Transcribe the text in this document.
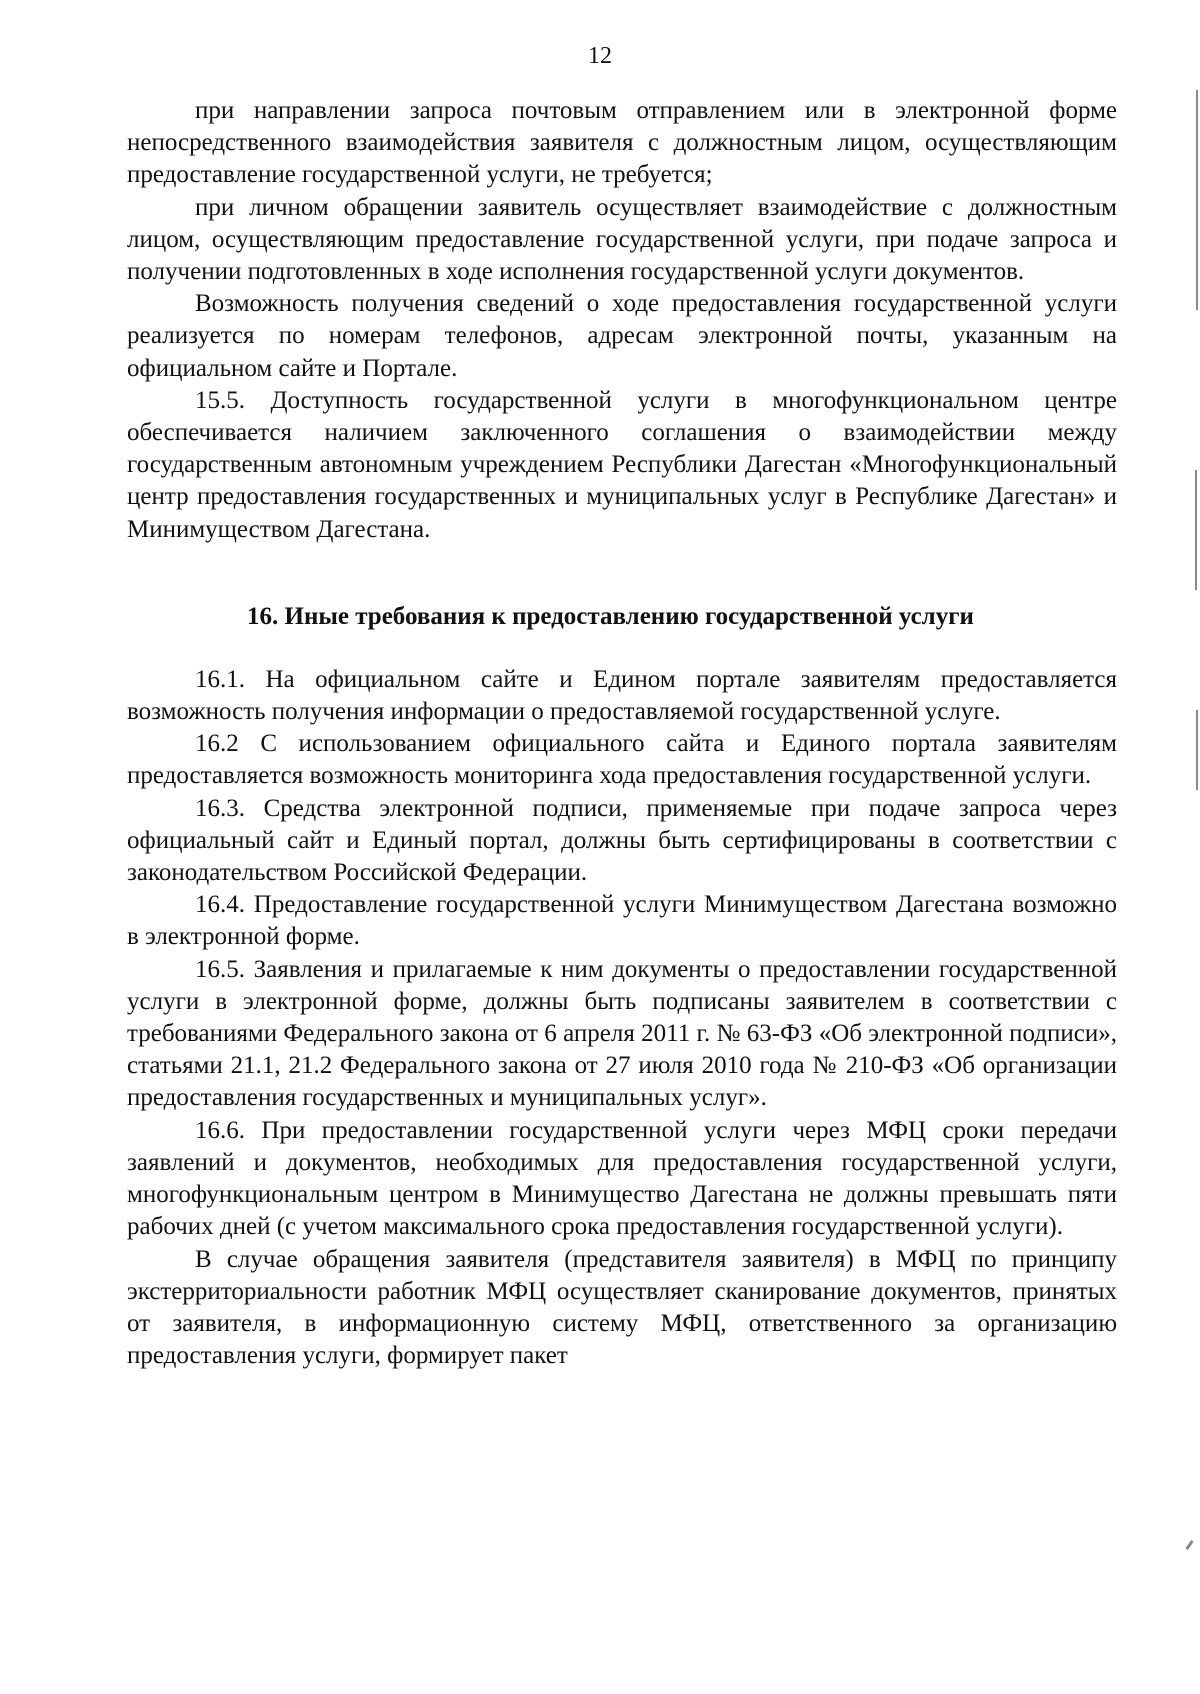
12

при направлении запроса почтовым отправлением или в электронной форме непосредственного взаимодействия заявителя с должностным лицом, осуществляющим предоставление государственной услуги, не требуется;

при личном обращении заявитель осуществляет взаимодействие с должностным лицом, осуществляющим предоставление государственной услуги, при подаче запроса и получении подготовленных в ходе исполнения государственной услуги документов.

Возможность получения сведений о ходе предоставления государственной услуги реализуется по номерам телефонов, адресам электронной почты, указанным на официальном сайте и Портале.

15.5. Доступность государственной услуги в многофункциональном центре обеспечивается наличием заключенного соглашения о взаимодействии между государственным автономным учреждением Республики Дагестан «Многофункциональный центр предоставления государственных и муниципальных услуг в Республике Дагестан» и Минимуществом Дагестана.

16. Иные требования к предоставлению государственной услуги

16.1. На официальном сайте и Едином портале заявителям предоставляется возможность получения информации о предоставляемой государственной услуге.

16.2 С использованием официального сайта и Единого портала заявителям предоставляется возможность мониторинга хода предоставления государственной услуги.

16.3. Средства электронной подписи, применяемые при подаче запроса через официальный сайт и Единый портал, должны быть сертифицированы в соответствии с законодательством Российской Федерации.

16.4. Предоставление государственной услуги Минимуществом Дагестана возможно в электронной форме.

16.5. Заявления и прилагаемые к ним документы о предоставлении государственной услуги в электронной форме, должны быть подписаны заявителем в соответствии с требованиями Федерального закона от 6 апреля 2011 г. № 63-ФЗ «Об электронной подписи», статьями 21.1, 21.2 Федерального закона от 27 июля 2010 года № 210-ФЗ «Об организации предоставления государственных и муниципальных услуг».

16.6. При предоставлении государственной услуги через МФЦ сроки передачи заявлений и документов, необходимых для предоставления государственной услуги, многофункциональным центром в Минимущество Дагестана не должны превышать пяти рабочих дней (с учетом максимального срока предоставления государственной услуги).

В случае обращения заявителя (представителя заявителя) в МФЦ по принципу экстерриториальности работник МФЦ осуществляет сканирование документов, принятых от заявителя, в информационную систему МФЦ, ответственного за организацию предоставления услуги, формирует пакет
